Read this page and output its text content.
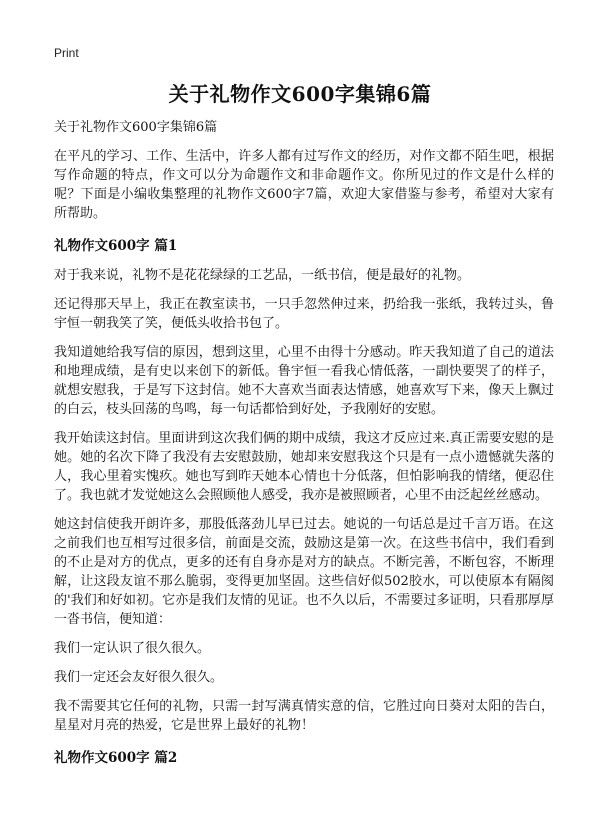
Print
关于礼物作文600字集锦6篇

关于礼物作文600字集锦6篇

在平凡的学习、工作、生活中，许多人都有过写作文的经历，对作文都不陌生吧，根据写作命题的特点，作文可以分为命题作文和非命题作文。你所见过的作文是什么样的呢？下面是小编收集整理的礼物作文600字7篇，欢迎大家借鉴与参考，希望对大家有所帮助。

礼物作文600字 篇1

对于我来说，礼物不是花花绿绿的工艺品，一纸书信，便是最好的礼物。

还记得那天早上，我正在教室读书，一只手忽然伸过来，扔给我一张纸，我转过头，鲁宇恒一朝我笑了笑，便低头收拾书包了。

我知道她给我写信的原因，想到这里，心里不由得十分感动。昨天我知道了自己的道法和地理成绩，是有史以来创下的新低。鲁宇恒一看我心情低落，一副快要哭了的样子，就想安慰我，于是写下这封信。她不大喜欢当面表达情感，她喜欢写下来，像天上飘过的白云，枝头回荡的鸟鸣，每一句话都恰到好处，予我刚好的安慰。

我开始读这封信。里面讲到这次我们俩的期中成绩，我这才反应过来.真正需要安慰的是她。她的名次下降了我没有去安慰鼓励，她却来安慰我这个只是有一点小遗憾就失落的人，我心里着实愧疚。她也写到昨天她本心情也十分低落，但怕影响我的情绪，便忍住了。我也就才发觉她这么会照顾他人感受，我亦是被照顾者，心里不由泛起丝丝感动。

她这封信使我开朗许多，那股低落劲儿早已过去。她说的一句话总是过千言万语。在这之前我们也互相写过很多信，前面是交流，鼓励这是第一次。在这些书信中，我们看到的不止是对方的优点，更多的还有自身亦是对方的缺点。不断完善，不断包容，不断理解，让这段友谊不那么脆弱，变得更加坚固。这些信好似502胶水，可以使原本有隔阂的'我们和好如初。它亦是我们友情的见证。也不久以后，不需要过多证明，只看那厚厚一沓书信，便知道：

我们一定认识了很久很久。

我们一定还会友好很久很久。

我不需要其它任何的礼物，只需一封写满真情实意的信，它胜过向日葵对太阳的告白，星星对月亮的热爱，它是世界上最好的礼物！

礼物作文600字 篇2
